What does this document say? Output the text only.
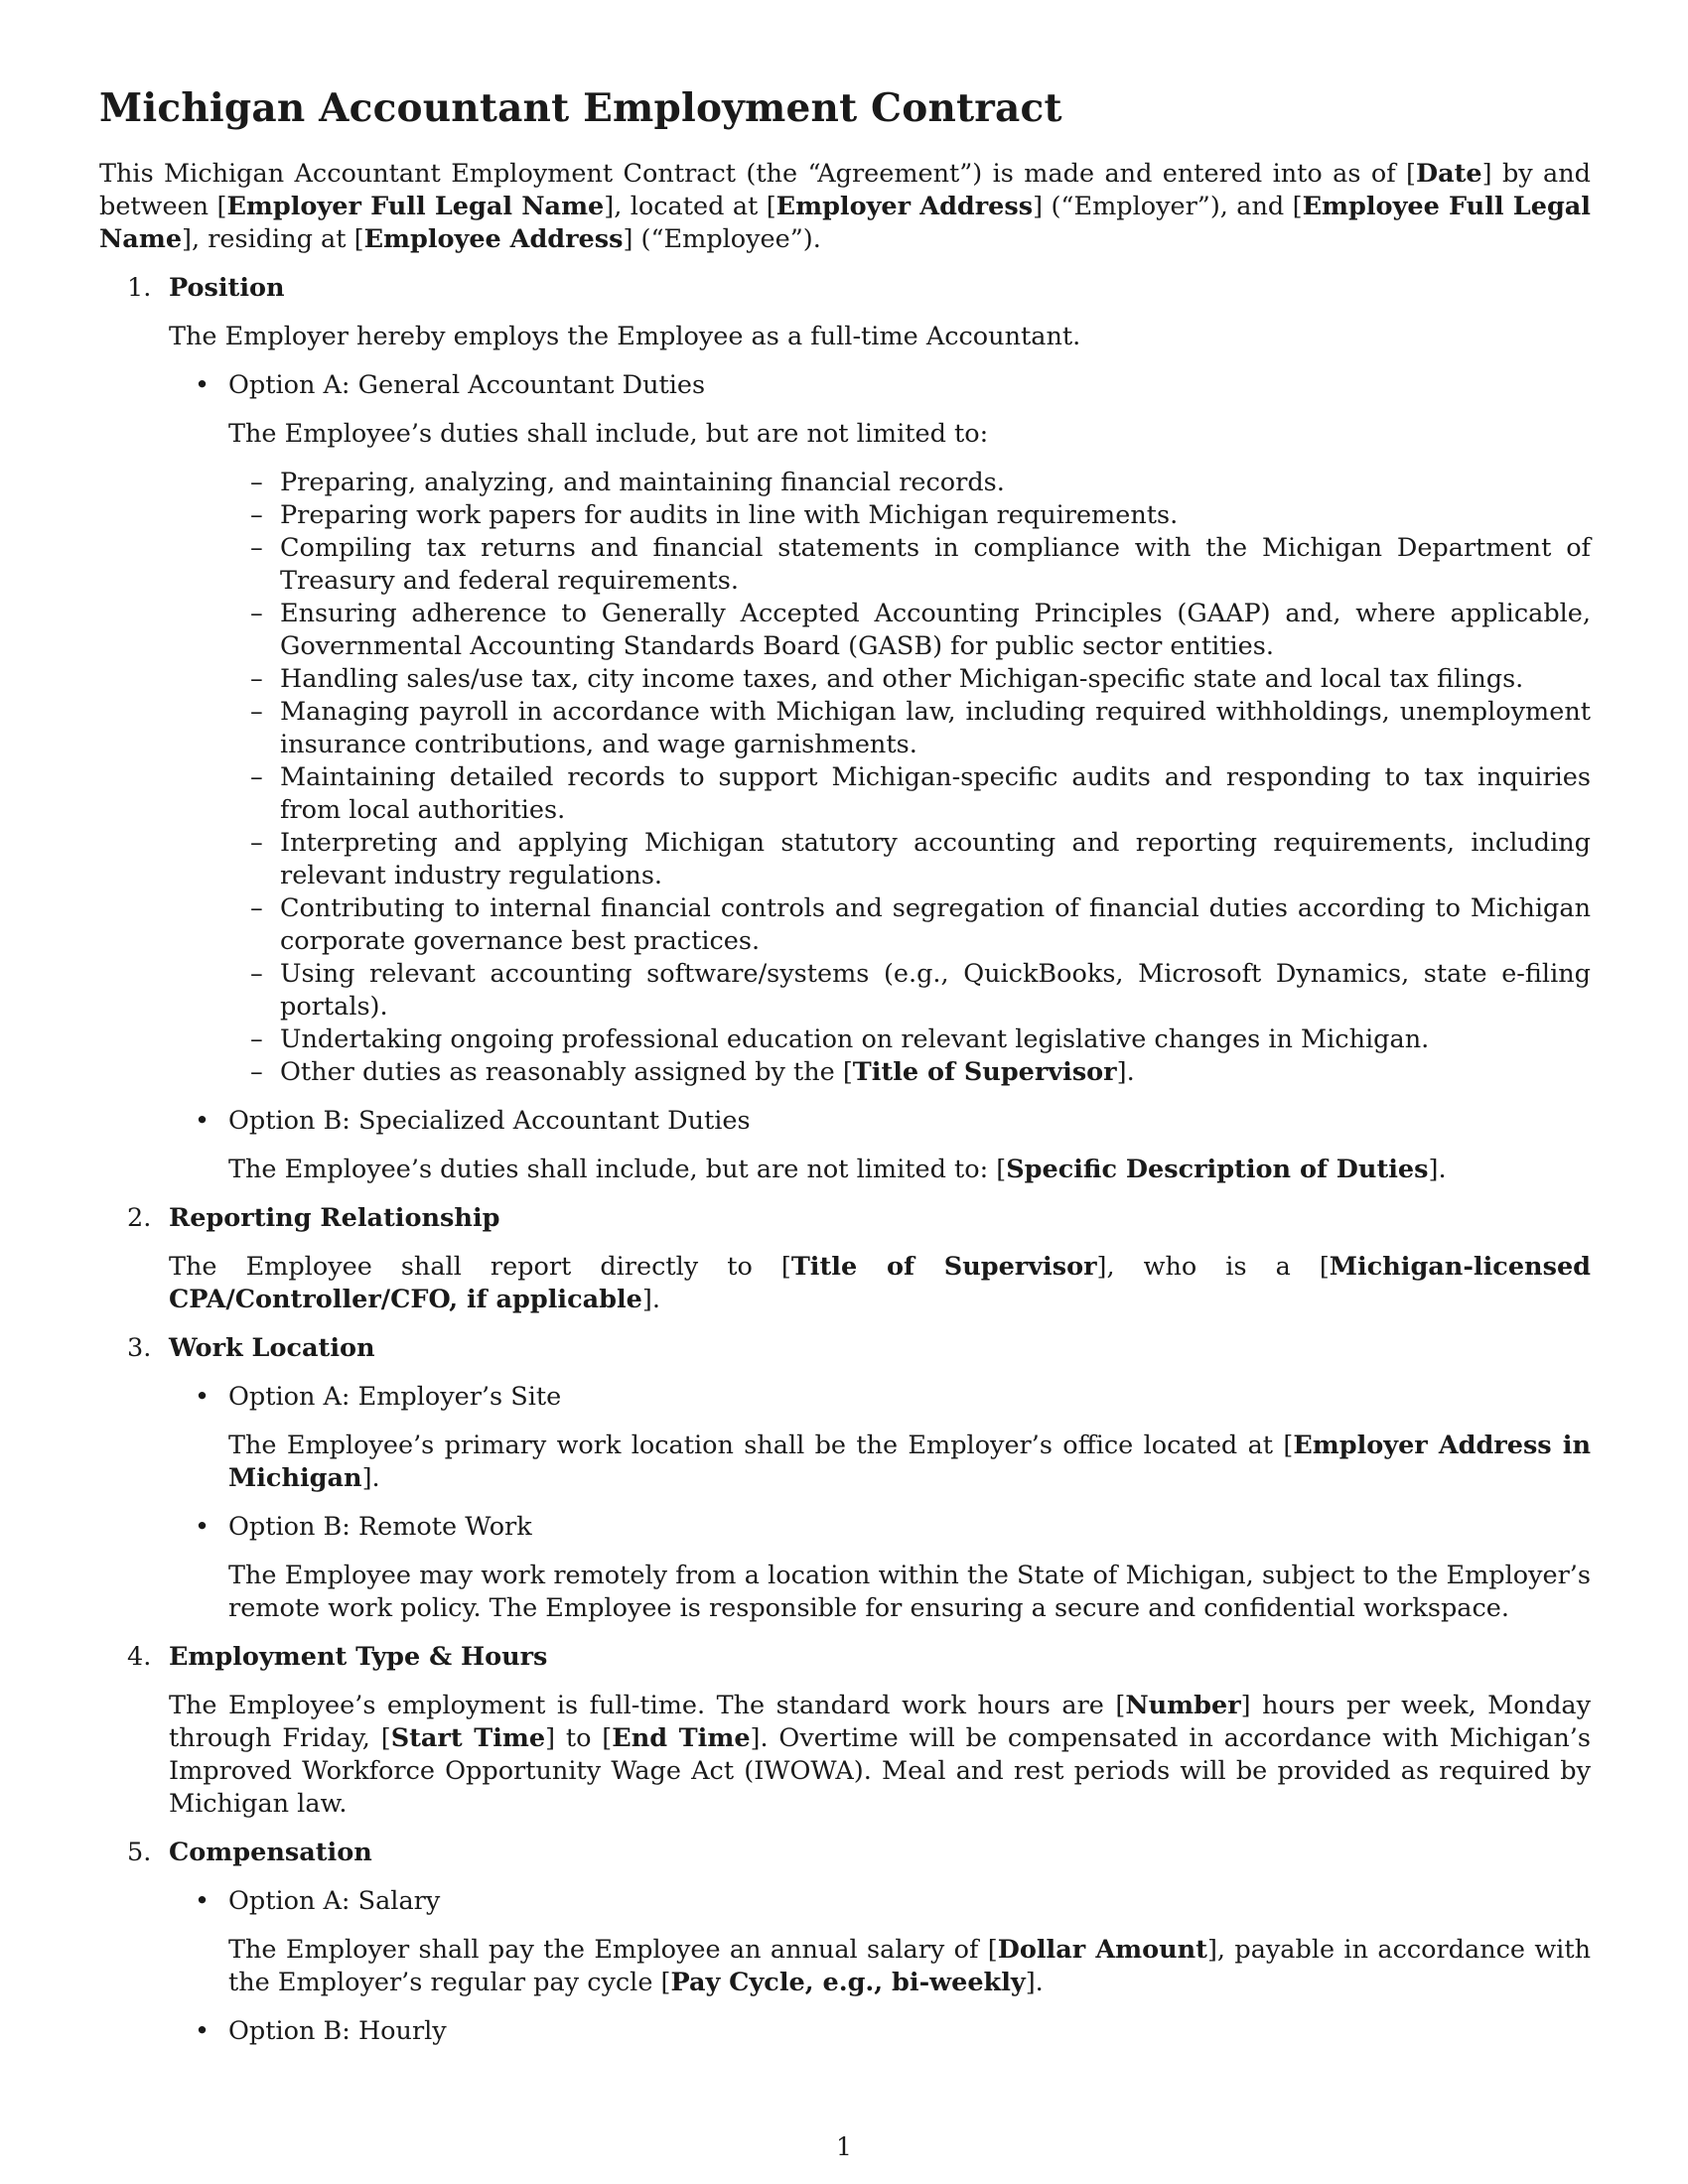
Michigan Accountant Employment Contract

This Michigan Accountant Employment Contract (the “Agreement”) is made and entered into as of [Date] by and between [Employer Full Legal Name], located at [Employer Address] (“Employer”), and [Employee Full Legal Name], residing at [Employee Address] (“Employee”).

1. Position

The Employer hereby employs the Employee as a full-time Accountant.

• Option A: General Accountant Duties

The Employee’s duties shall include, but are not limited to:

– Preparing, analyzing, and maintaining financial records.
– Preparing work papers for audits in line with Michigan requirements.
– Compiling tax returns and financial statements in compliance with the Michigan Department of Treasury and federal requirements.
– Ensuring adherence to Generally Accepted Accounting Principles (GAAP) and, where applicable, Governmental Accounting Standards Board (GASB) for public sector entities.
– Handling sales/use tax, city income taxes, and other Michigan-specific state and local tax filings.
– Managing payroll in accordance with Michigan law, including required withholdings, unemployment insurance contributions, and wage garnishments.
– Maintaining detailed records to support Michigan-specific audits and responding to tax inquiries from local authorities.
– Interpreting and applying Michigan statutory accounting and reporting requirements, including relevant industry regulations.
– Contributing to internal financial controls and segregation of financial duties according to Michigan corporate governance best practices.
– Using relevant accounting software/systems (e.g., QuickBooks, Microsoft Dynamics, state e-filing portals).
– Undertaking ongoing professional education on relevant legislative changes in Michigan.
– Other duties as reasonably assigned by the [Title of Supervisor].
• Option B: Specialized Accountant Duties

The Employee’s duties shall include, but are not limited to: [Specific Description of Duties].

2. Reporting Relationship

The Employee shall report directly to [Title of Supervisor], who is a [Michigan-licensed CPA/Controller/CFO, if applicable].

3. Work Location
• Option A: Employer’s Site

The Employee’s primary work location shall be the Employer’s office located at [Employer Address in Michigan].

• Option B: Remote Work

The Employee may work remotely from a location within the State of Michigan, subject to the Employer’s remote work policy. The Employee is responsible for ensuring a secure and confidential workspace.

4. Employment Type & Hours

The Employee’s employment is full-time. The standard work hours are [Number] hours per week, Monday through Friday, [Start Time] to [End Time]. Overtime will be compensated in accordance with Michigan’s Improved Workforce Opportunity Wage Act (IWOWA). Meal and rest periods will be provided as required by Michigan law.

5. Compensation
• Option A: Salary

The Employer shall pay the Employee an annual salary of [Dollar Amount], payable in accordance with the Employer’s regular pay cycle [Pay Cycle, e.g., bi-weekly].

• Option B: Hourly
1
